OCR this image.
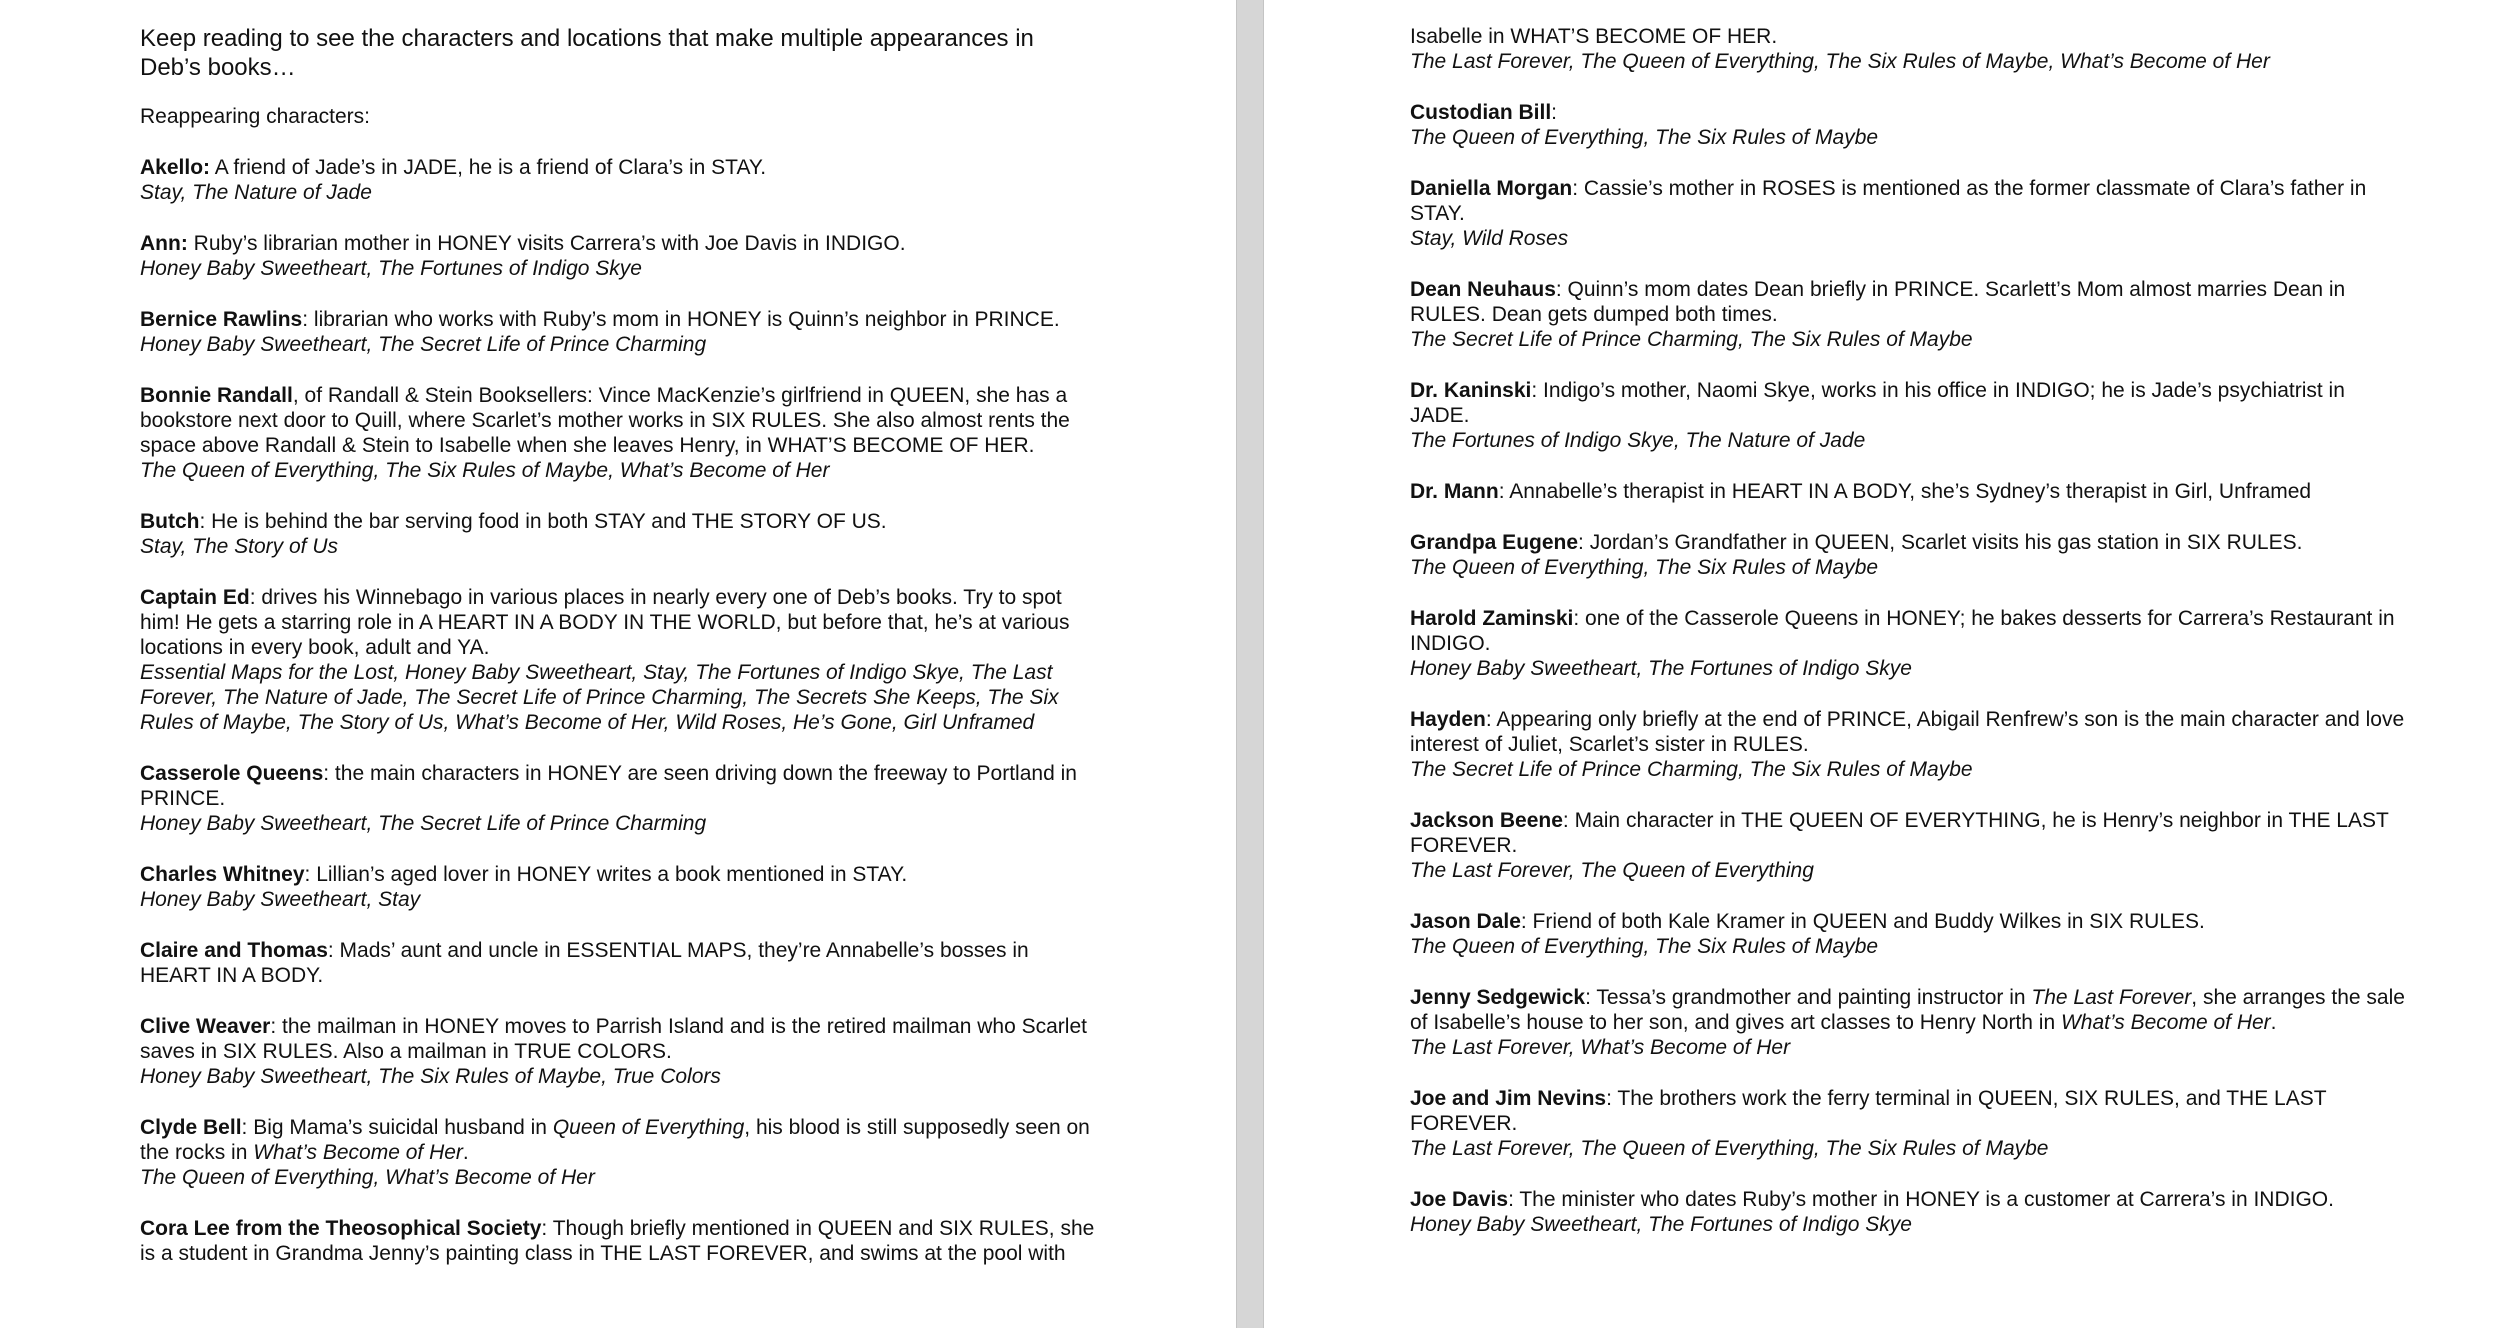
Keep reading to see the characters and locations that make multiple appearances in Deb’s books…

Reappearing characters:

Akello: A friend of Jade’s in JADE, he is a friend of Clara’s in STAY.
Stay, The Nature of Jade
Ann: Ruby’s librarian mother in HONEY visits Carrera’s with Joe Davis in INDIGO.
Honey Baby Sweetheart, The Fortunes of Indigo Skye
Bernice Rawlins: librarian who works with Ruby’s mom in HONEY is Quinn’s neighbor in PRINCE.
Honey Baby Sweetheart, The Secret Life of Prince Charming
Bonnie Randall, of Randall & Stein Booksellers: Vince MacKenzie’s girlfriend in QUEEN, she has a bookstore next door to Quill, where Scarlet’s mother works in SIX RULES. She also almost rents the space above Randall & Stein to Isabelle when she leaves Henry, in WHAT’S BECOME OF HER.
The Queen of Everything, The Six Rules of Maybe, What’s Become of Her
Butch: He is behind the bar serving food in both STAY and THE STORY OF US.
Stay, The Story of Us
Captain Ed: drives his Winnebago in various places in nearly every one of Deb’s books. Try to spot him! He gets a starring role in A HEART IN A BODY IN THE WORLD, but before that, he’s at various locations in every book, adult and YA.
Essential Maps for the Lost, Honey Baby Sweetheart, Stay, The Fortunes of Indigo Skye, The Last Forever, The Nature of Jade, The Secret Life of Prince Charming, The Secrets She Keeps, The Six Rules of Maybe, The Story of Us, What’s Become of Her, Wild Roses, He’s Gone, Girl Unframed
Casserole Queens: the main characters in HONEY are seen driving down the freeway to Portland in PRINCE.
Honey Baby Sweetheart, The Secret Life of Prince Charming
Charles Whitney: Lillian’s aged lover in HONEY writes a book mentioned in STAY.
Honey Baby Sweetheart, Stay
Claire and Thomas: Mads’ aunt and uncle in ESSENTIAL MAPS, they’re Annabelle’s bosses in HEART IN A BODY.
Clive Weaver: the mailman in HONEY moves to Parrish Island and is the retired mailman who Scarlet saves in SIX RULES. Also a mailman in TRUE COLORS.
Honey Baby Sweetheart, The Six Rules of Maybe, True Colors
Clyde Bell: Big Mama’s suicidal husband in Queen of Everything, his blood is still supposedly seen on the rocks in What’s Become of Her.
The Queen of Everything, What’s Become of Her
Cora Lee from the Theosophical Society: Though briefly mentioned in QUEEN and SIX RULES, she is a student in Grandma Jenny’s painting class in THE LAST FOREVER, and swims at the pool with
Isabelle in WHAT’S BECOME OF HER.
The Last Forever, The Queen of Everything, The Six Rules of Maybe, What’s Become of Her
Custodian Bill:
The Queen of Everything, The Six Rules of Maybe
Daniella Morgan: Cassie’s mother in ROSES is mentioned as the former classmate of Clara’s father in STAY.
Stay, Wild Roses
Dean Neuhaus: Quinn’s mom dates Dean briefly in PRINCE. Scarlett’s Mom almost marries Dean in RULES. Dean gets dumped both times.
The Secret Life of Prince Charming, The Six Rules of Maybe
Dr. Kaninski: Indigo’s mother, Naomi Skye, works in his office in INDIGO; he is Jade’s psychiatrist in JADE.
The Fortunes of Indigo Skye, The Nature of Jade
Dr. Mann: Annabelle’s therapist in HEART IN A BODY, she’s Sydney’s therapist in Girl, Unframed
Grandpa Eugene: Jordan’s Grandfather in QUEEN, Scarlet visits his gas station in SIX RULES.
The Queen of Everything, The Six Rules of Maybe
Harold Zaminski: one of the Casserole Queens in HONEY; he bakes desserts for Carrera’s Restaurant in INDIGO.
Honey Baby Sweetheart, The Fortunes of Indigo Skye
Hayden: Appearing only briefly at the end of PRINCE, Abigail Renfrew’s son is the main character and love interest of Juliet, Scarlet’s sister in RULES.
The Secret Life of Prince Charming, The Six Rules of Maybe
Jackson Beene: Main character in THE QUEEN OF EVERYTHING, he is Henry’s neighbor in THE LAST FOREVER.
The Last Forever, The Queen of Everything
Jason Dale: Friend of both Kale Kramer in QUEEN and Buddy Wilkes in SIX RULES.
The Queen of Everything, The Six Rules of Maybe
Jenny Sedgewick: Tessa’s grandmother and painting instructor in The Last Forever, she arranges the sale of Isabelle’s house to her son, and gives art classes to Henry North in What’s Become of Her.
The Last Forever, What’s Become of Her
Joe and Jim Nevins: The brothers work the ferry terminal in QUEEN, SIX RULES, and THE LAST FOREVER.
The Last Forever, The Queen of Everything, The Six Rules of Maybe
Joe Davis: The minister who dates Ruby’s mother in HONEY is a customer at Carrera’s in INDIGO.
Honey Baby Sweetheart, The Fortunes of Indigo Skye
